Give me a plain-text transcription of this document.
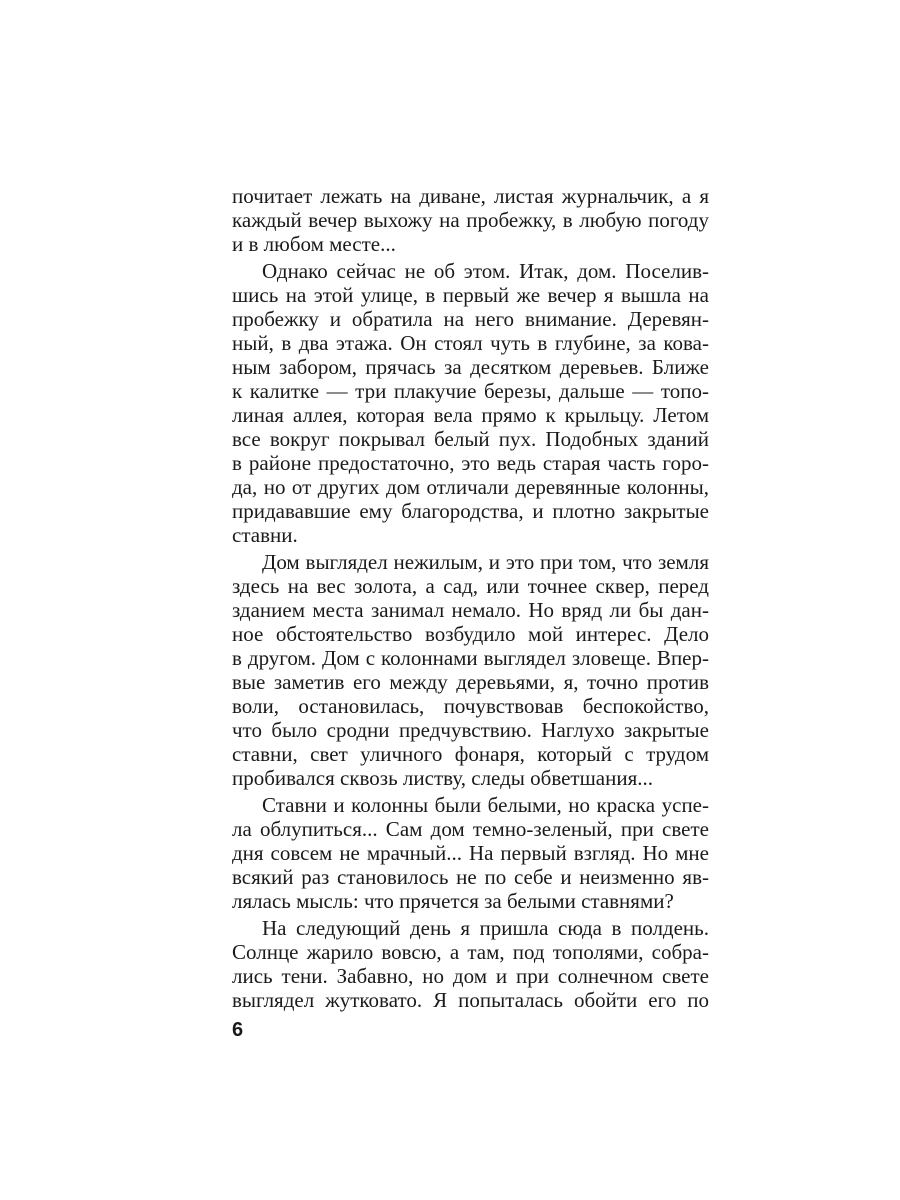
почитает лежать на диване, листая журнальчик, а я
каждый вечер выхожу на пробежку, в любую погоду
и в любом месте...
Однако сейчас не об этом. Итак, дом. Поселив-
шись на этой улице, в первый же вечер я вышла на
пробежку и обратила на него внимание. Деревян-
ный, в два этажа. Он стоял чуть в глубине, за кова-
ным забором, прячась за десятком деревьев. Ближе
к калитке — три плакучие березы, дальше — топо-
линая аллея, которая вела прямо к крыльцу. Летом
все вокруг покрывал белый пух. Подобных зданий
в районе предостаточно, это ведь старая часть горо-
да, но от других дом отличали деревянные колонны,
придававшие ему благородства, и плотно закрытые
ставни.
Дом выглядел нежилым, и это при том, что земля
здесь на вес золота, а сад, или точнее сквер, перед
зданием места занимал немало. Но вряд ли бы дан-
ное обстоятельство возбудило мой интерес. Дело
в другом. Дом с колоннами выглядел зловеще. Впер-
вые заметив его между деревьями, я, точно против
воли, остановилась, почувствовав беспокойство,
что было сродни предчувствию. Наглухо закрытые
ставни, свет уличного фонаря, который с трудом
пробивался сквозь листву, следы обветшания...
Ставни и колонны были белыми, но краска успе-
ла облупиться... Сам дом темно-зеленый, при свете
дня совсем не мрачный... На первый взгляд. Но мне
всякий раз становилось не по себе и неизменно яв-
лялась мысль: что прячется за белыми ставнями?
На следующий день я пришла сюда в полдень.
Солнце жарило вовсю, а там, под тополями, собра-
лись тени. Забавно, но дом и при солнечном свете
выглядел жутковато. Я попыталась обойти его по
6
